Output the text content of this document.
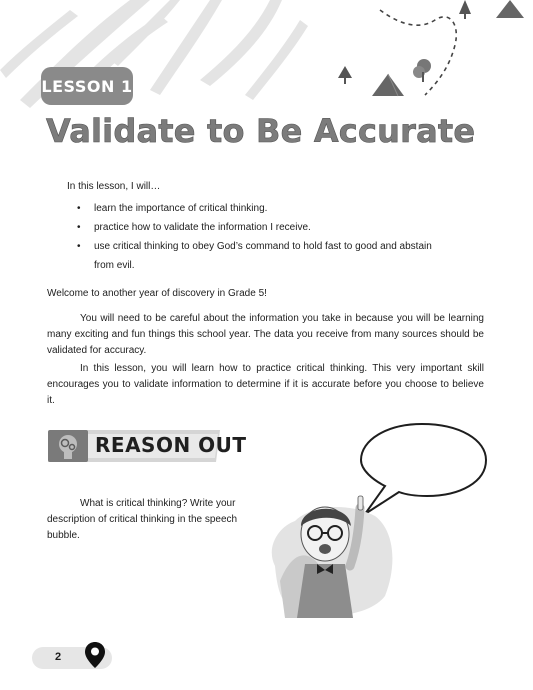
LESSON 1
Validate to Be Accurate
In this lesson, I will…
• learn the importance of critical thinking.
• practice how to validate the information I receive.
• use critical thinking to obey God’s command to hold fast to good and abstain
from evil.
Welcome to another year of discovery in Grade 5!
You will need to be careful about the information you take in because you will be learning many exciting and fun things this school year. The data you receive from many sources should be validated for accuracy.
In this lesson, you will learn how to practice critical thinking. This very important skill encourages you to validate information to determine if it is accurate before you choose to believe it.
REASON OUT
What is critical thinking? Write your description of critical thinking in the speech bubble.
2
